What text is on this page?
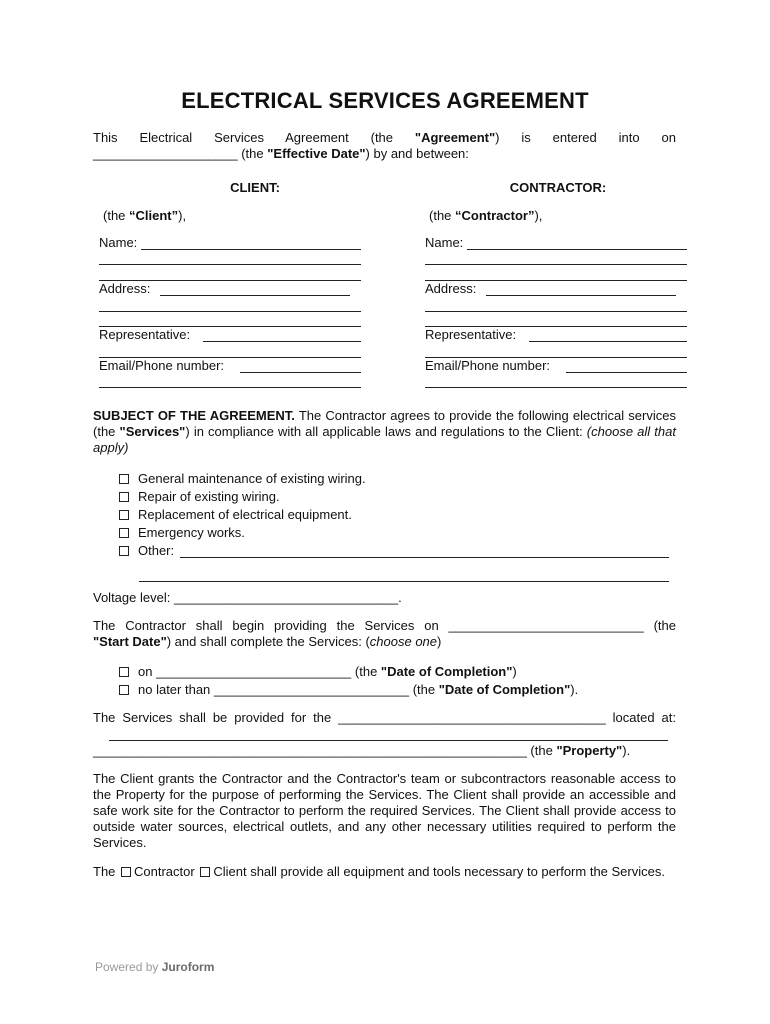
ELECTRICAL SERVICES AGREEMENT
This Electrical Services Agreement (the "Agreement") is entered into on
____________________ (the "Effective Date") by and between:
CLIENT:	CONTRACTOR:
(the “Client”),	(the “Contractor”),
Name:
Address:
Representative:
Email/Phone number:
Name:
Address:
Representative:
Email/Phone number:
SUBJECT OF THE AGREEMENT. The Contractor agrees to provide the following electrical services (the "Services") in compliance with all applicable laws and regulations to the Client: (choose all that apply)
General maintenance of existing wiring.
Repair of existing wiring.
Replacement of electrical equipment.
Emergency works.
Other:
Voltage level: _______________________________.
The Contractor shall begin providing the Services on ___________________________ (the
"Start Date") and shall complete the Services: (choose one)
on ___________________________ (the "Date of Completion")
no later than ___________________________ (the "Date of Completion").
The Services shall be provided for the _____________________________________ located at:
____________________________________________________________ (the "Property").
The Client grants the Contractor and the Contractor's team or subcontractors reasonable access to the Property for the purpose of performing the Services. The Client shall provide an accessible and safe work site for the Contractor to perform the required Services. The Client shall provide access to outside water sources, electrical outlets, and any other necessary utilities required to perform the Services.
The Contractor Client shall provide all equipment and tools necessary to perform the Services.
Powered by Juroform
